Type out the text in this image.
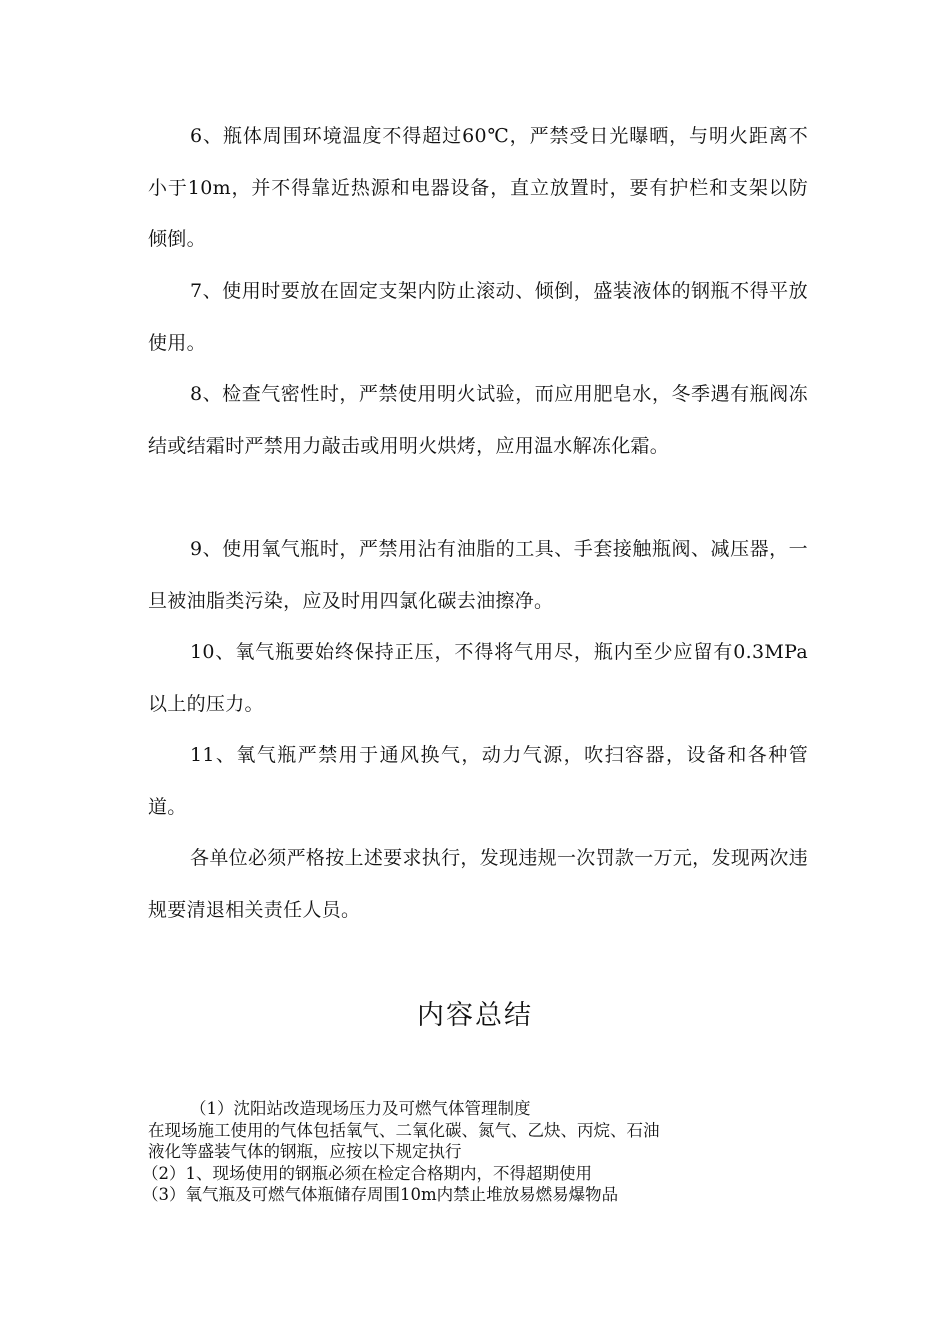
6、瓶体周围环境温度不得超过60℃，严禁受日光曝晒，与明火距离不小于10m，并不得靠近热源和电器设备，直立放置时，要有护栏和支架以防倾倒。

7、使用时要放在固定支架内防止滚动、倾倒，盛装液体的钢瓶不得平放使用。

8、检查气密性时，严禁使用明火试验，而应用肥皂水，冬季遇有瓶阀冻结或结霜时严禁用力敲击或用明火烘烤，应用温水解冻化霜。

9、使用氧气瓶时，严禁用沾有油脂的工具、手套接触瓶阀、减压器，一旦被油脂类污染，应及时用四氯化碳去油擦净。

10、氧气瓶要始终保持正压，不得将气用尽，瓶内至少应留有0.3MPa以上的压力。

11、氧气瓶严禁用于通风换气，动力气源，吹扫容器，设备和各种管道。

各单位必须严格按上述要求执行，发现违规一次罚款一万元，发现两次违规要清退相关责任人员。

内容总结
（1）沈阳站改造现场压力及可燃气体管理制度
在现场施工使用的气体包括氧气、二氧化碳、氮气、乙炔、丙烷、石油
液化等盛装气体的钢瓶，应按以下规定执行
（2）1、现场使用的钢瓶必须在检定合格期内，不得超期使用
（3）氧气瓶及可燃气体瓶储存周围10m内禁止堆放易燃易爆物品
